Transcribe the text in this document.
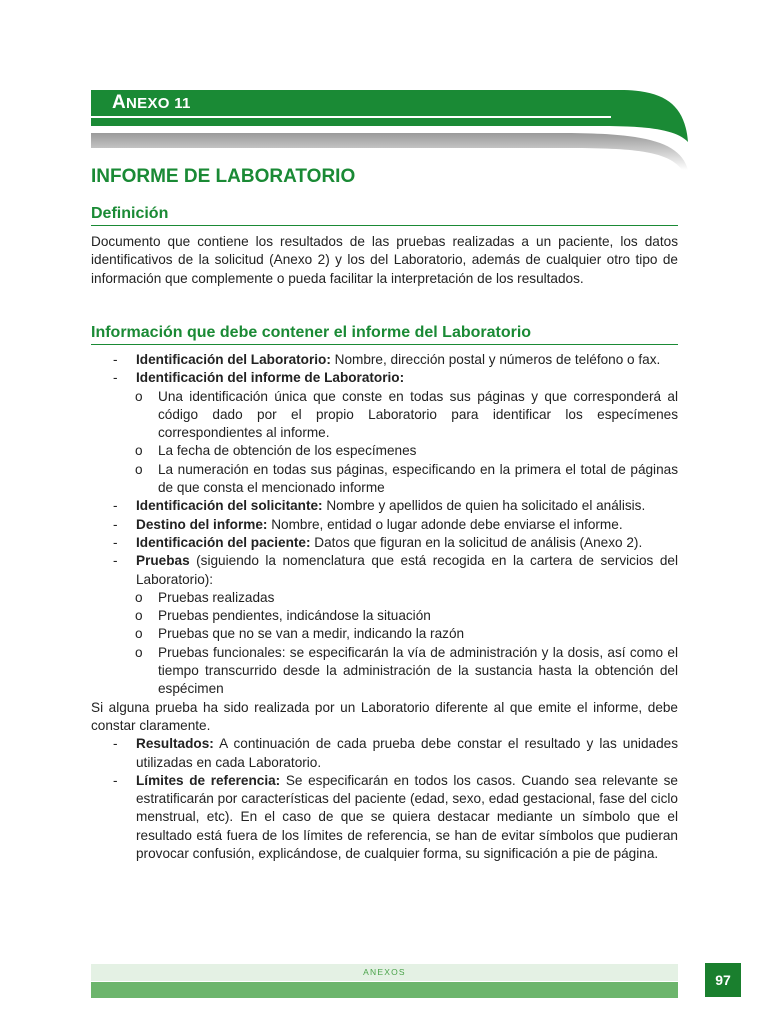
ANEXO 11
INFORME DE LABORATORIO
Definición
Documento que contiene los resultados de las pruebas realizadas a un paciente, los datos identificativos de la solicitud (Anexo 2) y los del Laboratorio, además de cualquier otro tipo de información que complemente o pueda facilitar la interpretación de los resultados.
Información que debe contener el informe del Laboratorio
- Identificación del Laboratorio: Nombre, dirección postal y números de teléfono o fax.
- Identificación del informe de Laboratorio:
o Una identificación única que conste en todas sus páginas y que corresponderá al código dado por el propio Laboratorio para identificar los especímenes correspondientes al informe.
o La fecha de obtención de los especímenes
o La numeración en todas sus páginas, especificando en la primera el total de páginas de que consta el mencionado informe
- Identificación del solicitante: Nombre y apellidos de quien ha solicitado el análisis.
- Destino del informe: Nombre, entidad o lugar adonde debe enviarse el informe.
- Identificación del paciente: Datos que figuran en la solicitud de análisis (Anexo 2).
- Pruebas (siguiendo la nomenclatura que está recogida en la cartera de servicios del Laboratorio):
o Pruebas realizadas
o Pruebas pendientes, indicándose la situación
o Pruebas que no se van a medir, indicando la razón
o Pruebas funcionales: se especificarán la vía de administración y la dosis, así como el tiempo transcurrido desde la administración de la sustancia hasta la obtención del espécimen
Si alguna prueba ha sido realizada por un Laboratorio diferente al que emite el informe, debe constar claramente.
- Resultados: A continuación de cada prueba debe constar el resultado y las unidades utilizadas en cada Laboratorio.
- Límites de referencia: Se especificarán en todos los casos. Cuando sea relevante se estratificarán por características del paciente (edad, sexo, edad gestacional, fase del ciclo menstrual, etc). En el caso de que se quiera destacar mediante un símbolo que el resultado está fuera de los límites de referencia, se han de evitar símbolos que pudieran provocar confusión, explicándose, de cualquier forma, su significación a pie de página.
ANEXOS	97
